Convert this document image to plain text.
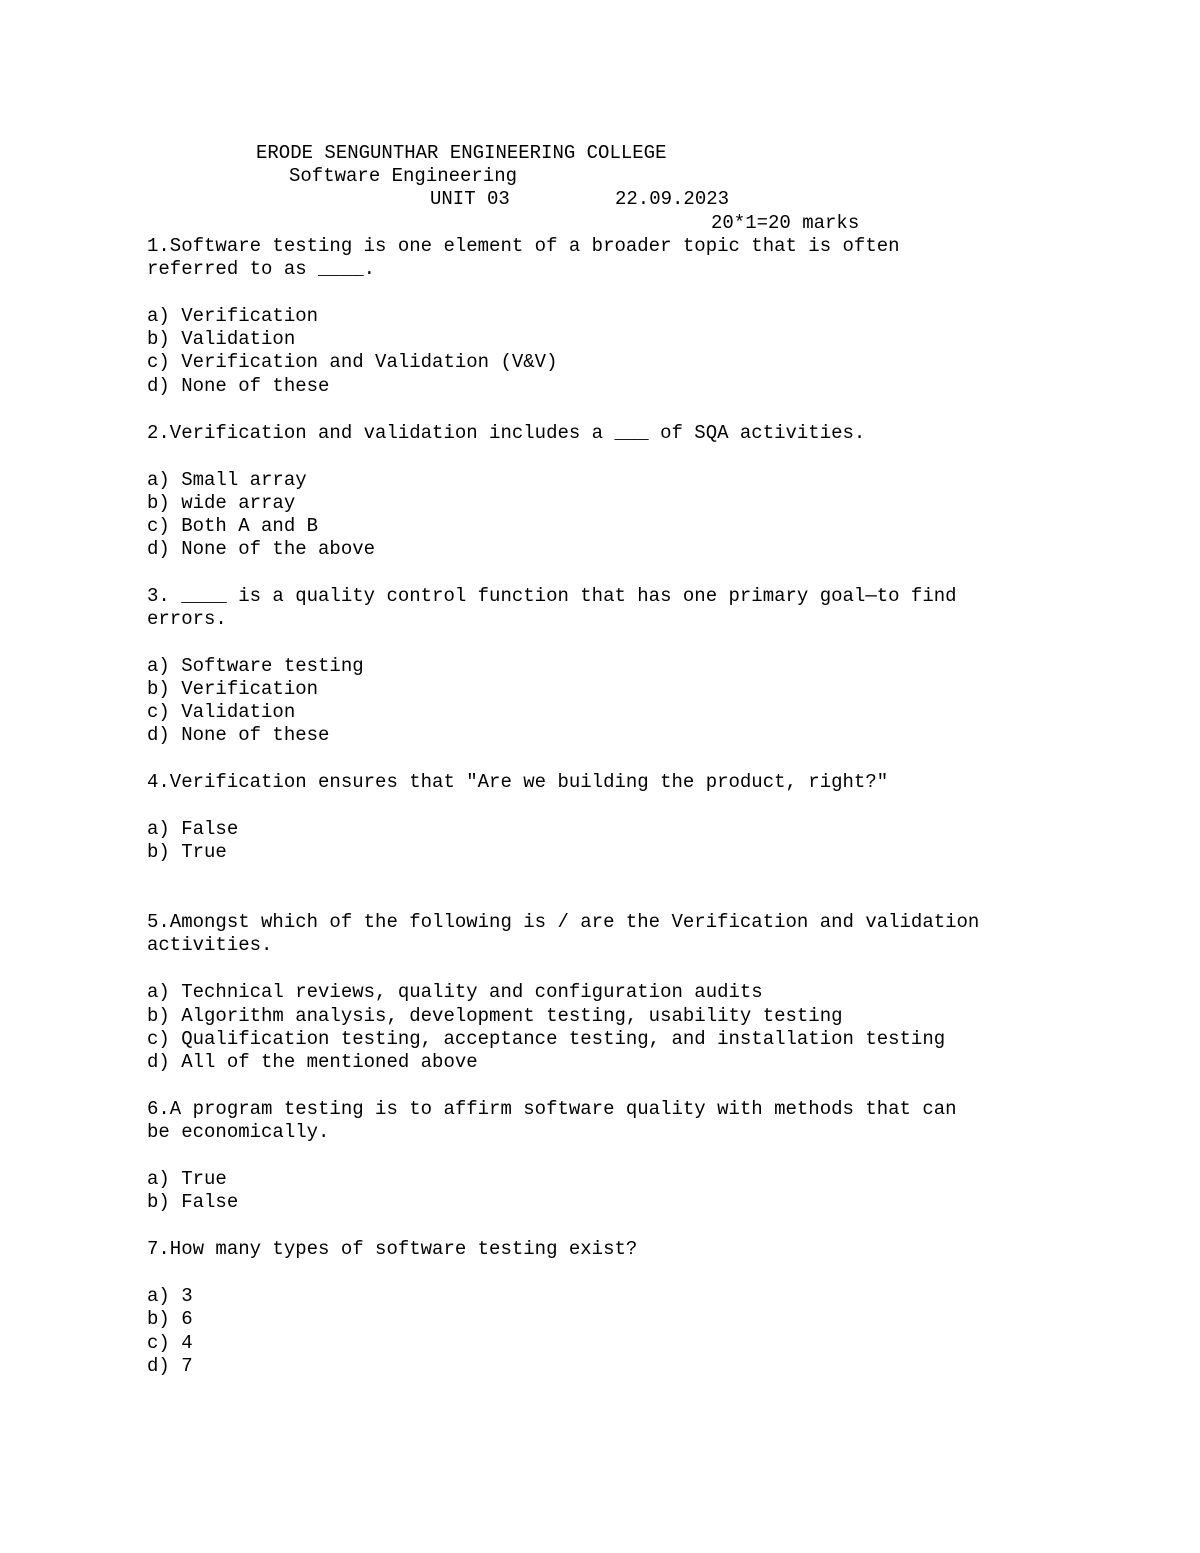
ERODE SENGUNTHAR ENGINEERING COLLEGE
Software Engineering
UNIT 03	22.09.2023
20*1=20 marks
1.Software testing is one element of a broader topic that is often
referred to as ____.
a) Verification
b) Validation
c) Verification and Validation (V&V)
d) None of these
2.Verification and validation includes a ___ of SQA activities.
a) Small array
b) wide array
c) Both A and B
d) None of the above
3. ____ is a quality control function that has one primary goal—to find
errors.
a) Software testing
b) Verification
c) Validation
d) None of these
4.Verification ensures that "Are we building the product, right?"
a) False
b) True
5.Amongst which of the following is / are the Verification and validation
activities.
a) Technical reviews, quality and configuration audits
b) Algorithm analysis, development testing, usability testing
c) Qualification testing, acceptance testing, and installation testing
d) All of the mentioned above
6.A program testing is to affirm software quality with methods that can
be economically.
a) True
b) False
7.How many types of software testing exist?
a) 3
b) 6
c) 4
d) 7
